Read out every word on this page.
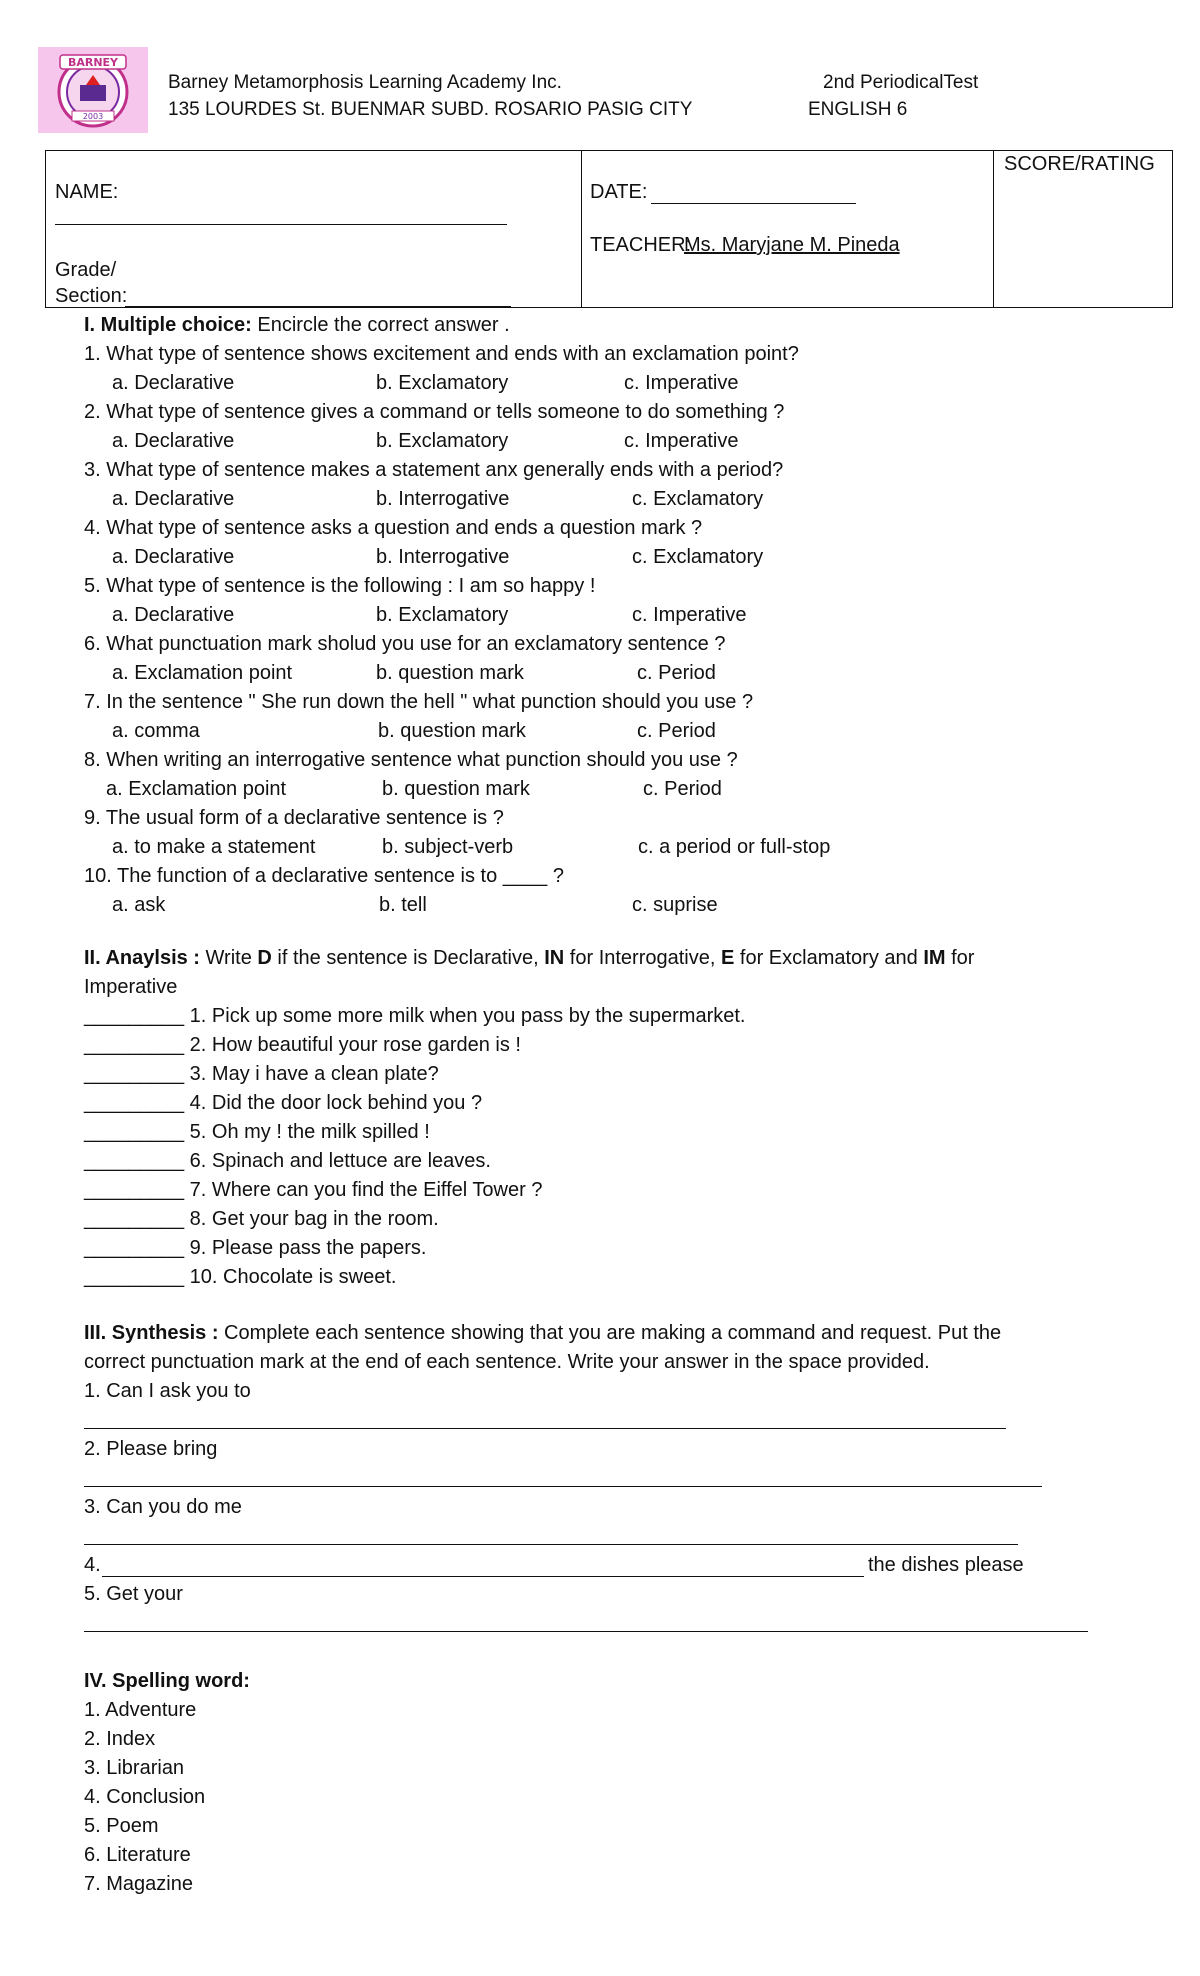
BARNEY
2003
Barney Metamorphosis Learning Academy Inc.
135 LOURDES St. BUENMAR SUBD. ROSARIO PASIG CITY
2nd PeriodicalTest
ENGLISH 6
NAME:
Grade/
Section:
DATE:
TEACHER:
Ms. Maryjane M. Pineda
SCORE/RATING
I. Multiple choice: Encircle the correct answer .
1. What type of sentence shows excitement and ends with an exclamation point?
a. Declarative	b. Exclamatory	c. Imperative
2. What type of sentence gives a command or tells someone to do something ?
a. Declarative	b. Exclamatory	c. Imperative
3. What type of sentence makes a statement anx generally ends with a period?
a. Declarative	b. Interrogative	c. Exclamatory
4. What type of sentence asks a question and ends a question mark ?
a. Declarative	b. Interrogative	c. Exclamatory
5. What type of sentence is the following : I am so happy !
a. Declarative	b. Exclamatory	c. Imperative
6. What punctuation mark sholud you use for an exclamatory sentence ?
a. Exclamation point	b. question mark	c. Period
7. In the sentence " She run down the hell " what punction should you use ?
a. comma	b. question mark	c. Period
8. When writing an interrogative sentence what punction should you use ?
a. Exclamation point	b. question mark	c. Period
9. The usual form of a declarative sentence is ?
a. to make a statement	b. subject-verb	c. a period or full-stop
10. The function of a declarative sentence is to ____ ?
a. ask	b. tell	c. suprise
II. Anaylsis : Write D if the sentence is Declarative, IN for Interrogative, E for Exclamatory and IM for
Imperative
_________ 1. Pick up some more milk when you pass by the supermarket.
_________ 2. How beautiful your rose garden is !
_________ 3. May i have a clean plate?
_________ 4. Did the door lock behind you ?
_________ 5. Oh my ! the milk spilled !
_________ 6. Spinach and lettuce are leaves.
_________ 7. Where can you find the Eiffel Tower ?
_________ 8. Get your bag in the room.
_________ 9. Please pass the papers.
_________ 10. Chocolate is sweet.
III. Synthesis : Complete each sentence showing that you are making a command and request. Put the
correct punctuation mark at the end of each sentence. Write your answer in the space provided.
1. Can I ask you to
2. Please bring
3. Can you do me
4.	the dishes please
5. Get your
IV. Spelling word:
1. Adventure
2. Index
3. Librarian
4. Conclusion
5. Poem
6. Literature
7. Magazine
